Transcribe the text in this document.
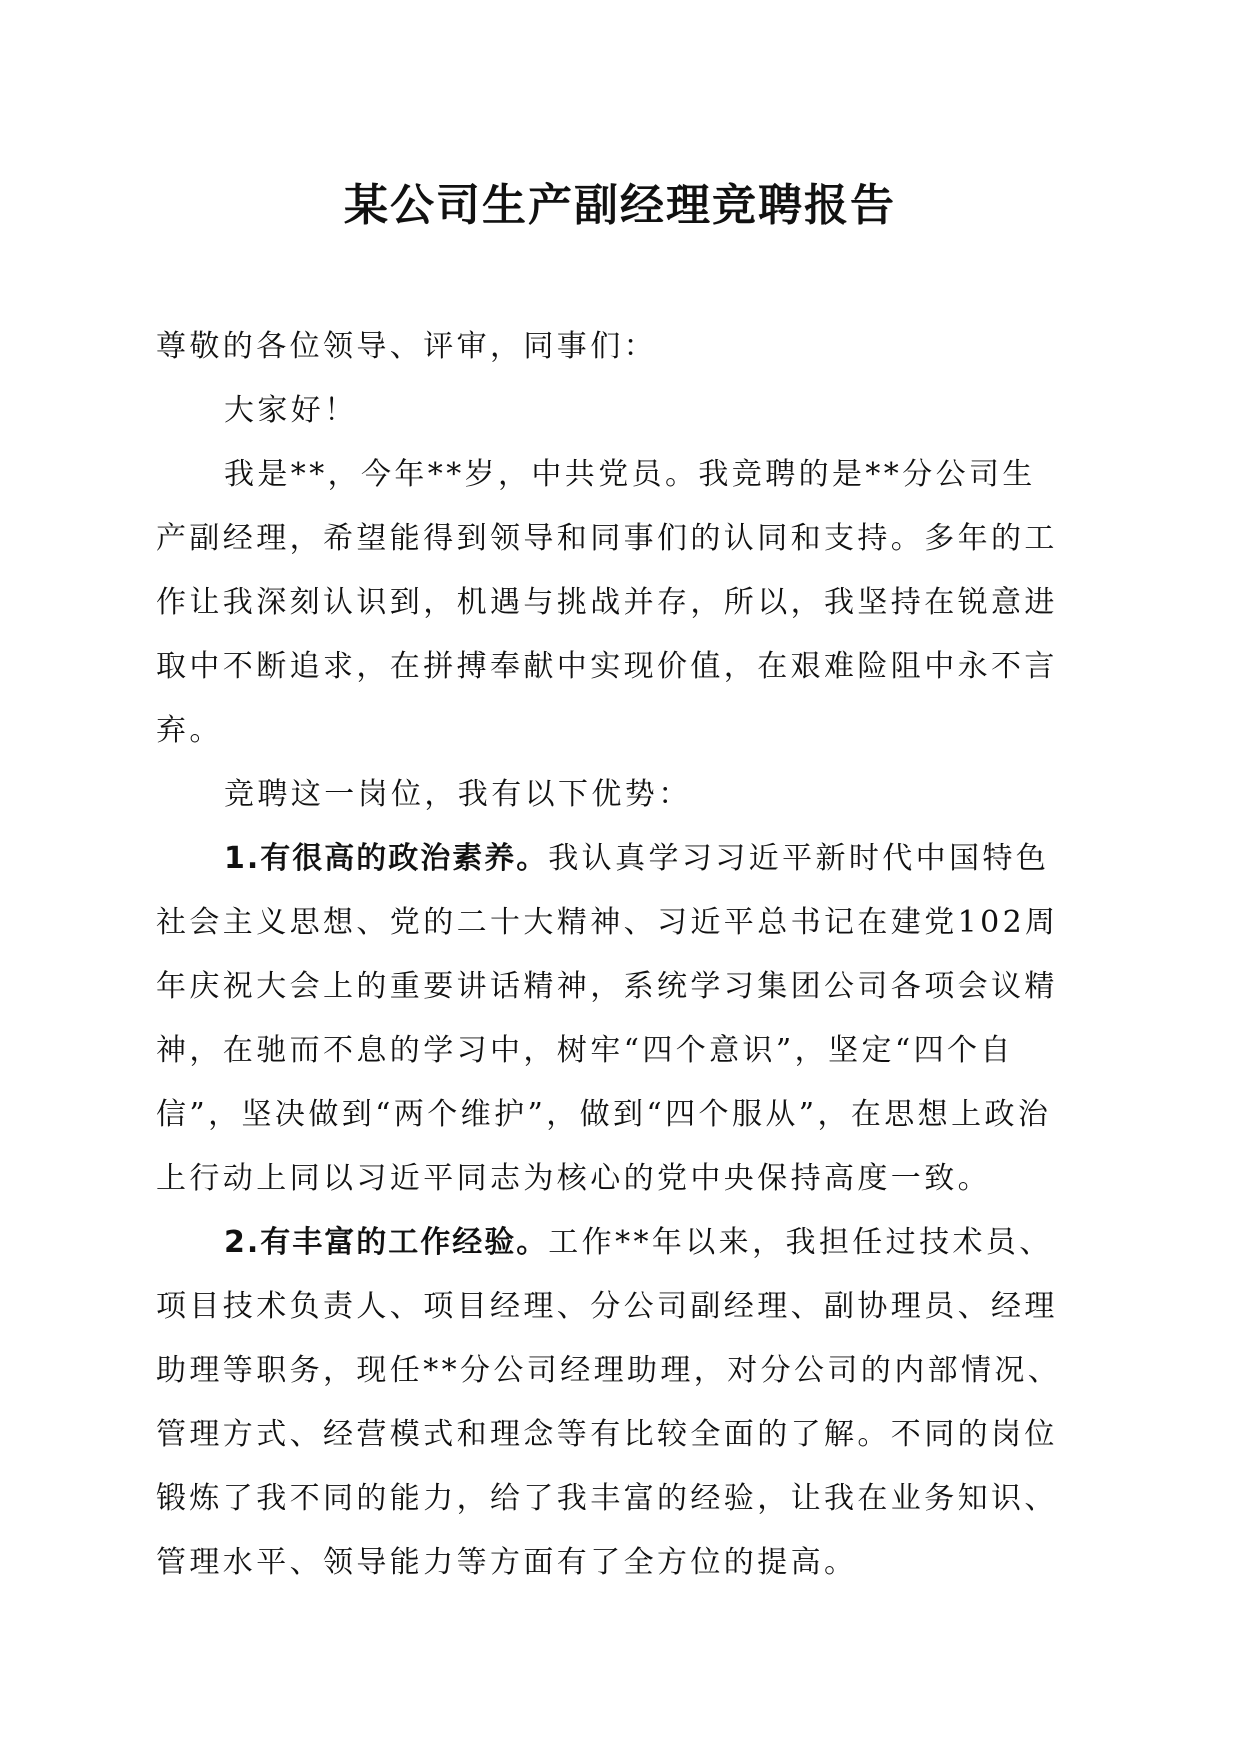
某公司生产副经理竞聘报告

尊敬的各位领导、评审，同事们：

大家好！

我是**，今年**岁，中共党员。我竞聘的是**分公司生产副经理，希望能得到领导和同事们的认同和支持。多年的工作让我深刻认识到，机遇与挑战并存，所以，我坚持在锐意进取中不断追求，在拼搏奉献中实现价值，在艰难险阻中永不言弃。

竞聘这一岗位，我有以下优势：

1.有很高的政治素养。我认真学习习近平新时代中国特色社会主义思想、党的二十大精神、习近平总书记在建党102周年庆祝大会上的重要讲话精神，系统学习集团公司各项会议精神，在驰而不息的学习中，树牢“四个意识”，坚定“四个自信”，坚决做到“两个维护”，做到“四个服从”，在思想上政治上行动上同以习近平同志为核心的党中央保持高度一致。

2.有丰富的工作经验。工作**年以来，我担任过技术员、项目技术负责人、项目经理、分公司副经理、副协理员、经理助理等职务，现任**分公司经理助理，对分公司的内部情况、管理方式、经营模式和理念等有比较全面的了解。不同的岗位锻炼了我不同的能力，给了我丰富的经验，让我在业务知识、管理水平、领导能力等方面有了全方位的提高。
